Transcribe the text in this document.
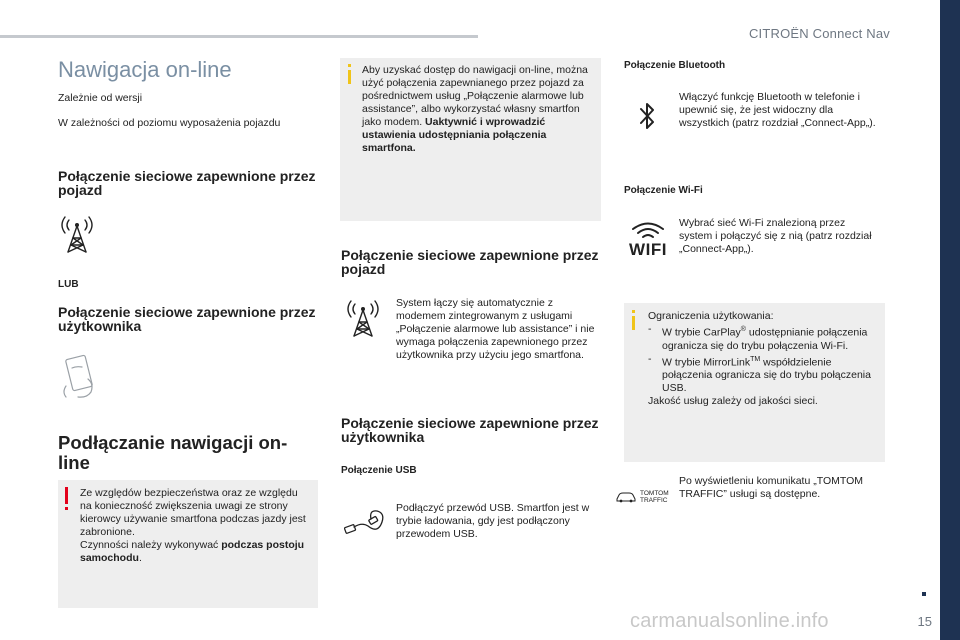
CITROËN Connect Nav
15
carmanualsonline.info
Nawigacja on-line
Zależnie od wersji
W zależności od poziomu wyposażenia pojazdu
Połączenie sieciowe zapewnione przez pojazd
LUB
Połączenie sieciowe zapewnione przez użytkownika
Podłączanie nawigacji on-line
Ze względów bezpieczeństwa oraz ze względu na konieczność zwiększenia uwagi ze strony kierowcy używanie smartfona podczas jazdy jest zabronione.
Czynności należy wykonywać podczas postoju samochodu.
Aby uzyskać dostęp do nawigacji on-line, można użyć połączenia zapewnianego przez pojazd za pośrednictwem usług „Połączenie alarmowe lub assistance”, albo wykorzystać własny smartfon jako modem. Uaktywnić i wprowadzić ustawienia udostępniania połączenia smartfona.
Połączenie sieciowe zapewnione przez pojazd
System łączy się automatycznie z modemem zintegrowanym z usługami „Połączenie alarmowe lub assistance” i nie wymaga połączenia zapewnionego przez użytkownika przy użyciu jego smartfona.
Połączenie sieciowe zapewnione przez użytkownika
Połączenie USB
Podłączyć przewód USB. Smartfon jest w trybie ładowania, gdy jest podłączony przewodem USB.
Połączenie Bluetooth
Włączyć funkcję Bluetooth w telefonie i upewnić się, że jest widoczny dla wszystkich (patrz rozdział „Connect-App„).
Połączenie Wi-Fi
WIFI
Wybrać sieć Wi-Fi znalezioną przez system i połączyć się z nią (patrz rozdział „Connect-App„).
Ograniczenia użytkowania:
- W trybie CarPlay® udostępnianie połączenia ogranicza się do trybu połączenia Wi-Fi.
- W trybie MirrorLink™ współdzielenie połączenia ogranicza się do trybu połączenia USB.
Jakość usług zależy od jakości sieci.
TOMTOM
TRAFFIC
Po wyświetleniu komunikatu „TOMTOM TRAFFIC” usługi są dostępne.
